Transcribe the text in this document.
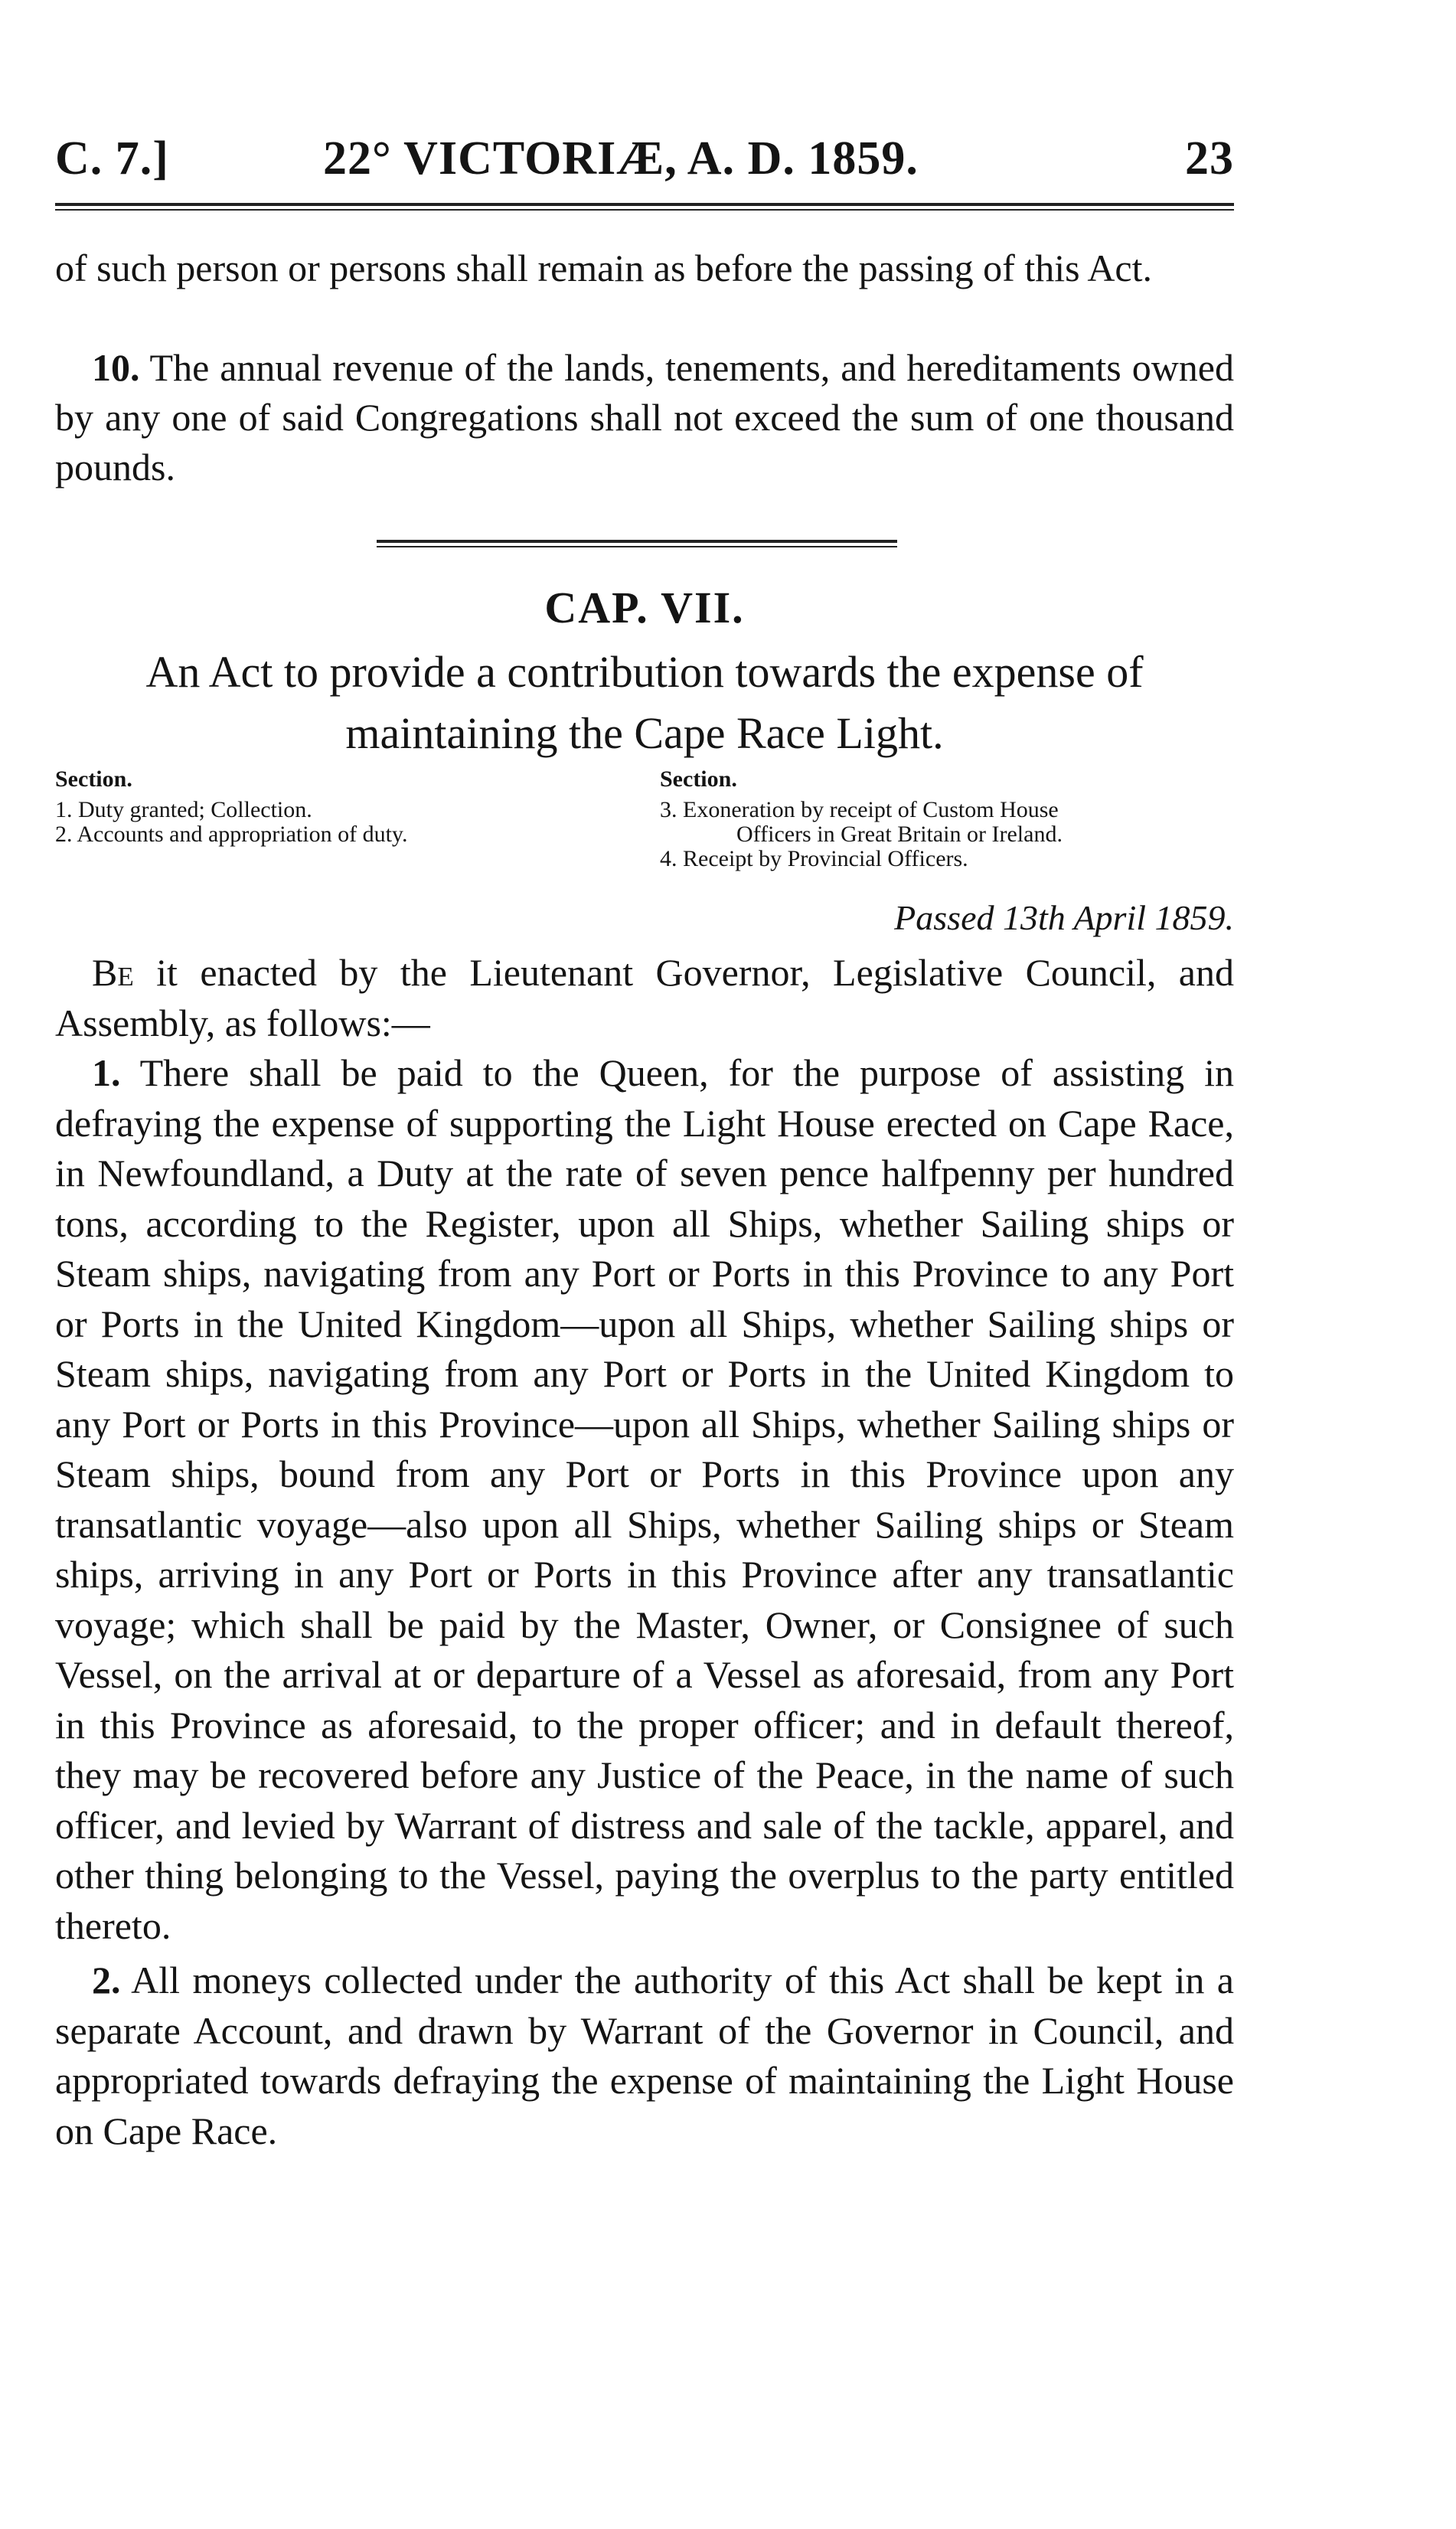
C. 7.]	22° VICTORIÆ, A. D. 1859.	23
of such person or persons shall remain as before the passing of this Act.
10. The annual revenue of the lands, tenements, and hereditaments owned by any one of said Congregations shall not exceed the sum of one thousand pounds.
CAP. VII.
An Act to provide a contribution towards the expense of
maintaining the Cape Race Light.
Section.
1. Duty granted; Collection.
2. Accounts and appropriation of duty.
Section.
3. Exoneration by receipt of Custom House
Officers in Great Britain or Ireland.
4. Receipt by Provincial Officers.
Passed 13th April 1859.

Be it enacted by the Lieutenant Governor, Legislative Council, and Assembly, as follows:—

1. There shall be paid to the Queen, for the purpose of assisting in defraying the expense of supporting the Light House erected on Cape Race, in Newfoundland, a Duty at the rate of seven pence halfpenny per hundred tons, according to the Register, upon all Ships, whether Sailing ships or Steam ships, navigating from any Port or Ports in this Province to any Port or Ports in the United Kingdom—upon all Ships, whether Sailing ships or Steam ships, navigating from any Port or Ports in the United Kingdom to any Port or Ports in this Province—upon all Ships, whether Sailing ships or Steam ships, bound from any Port or Ports in this Province upon any transatlantic voyage—also upon all Ships, whether Sailing ships or Steam ships, arriving in any Port or Ports in this Province after any transatlantic voyage; which shall be paid by the Master, Owner, or Consignee of such Vessel, on the arrival at or departure of a Vessel as aforesaid, from any Port in this Province as aforesaid, to the proper officer; and in default thereof, they may be recovered before any Justice of the Peace, in the name of such officer, and levied by Warrant of distress and sale of the tackle, apparel, and other thing belonging to the Vessel, paying the overplus to the party entitled thereto.

2. All moneys collected under the authority of this Act shall be kept in a separate Account, and drawn by Warrant of the Governor in Council, and appropriated towards defraying the expense of maintaining the Light House on Cape Race.
